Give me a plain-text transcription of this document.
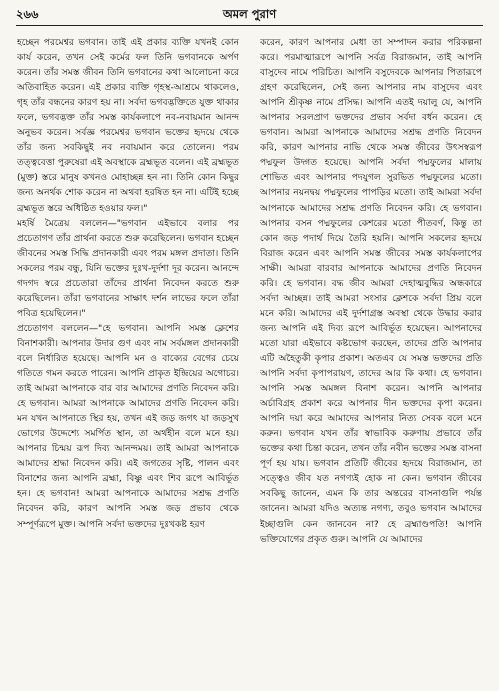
২৬৬	অমল পুরাণ

হচ্ছেন পরমেশ্বর ভগবান। তাই এই প্রকার ব্যক্তি যখনই কোন কার্য করেন, তখন সেই কর্মের ফল তিনি ভগবানকে অর্পণ করেন। তাঁর সমস্ত জীবন তিনি ভগবানের কথা আলোচনা করে অতিবাহিত করেন। এই প্রকার ব্যক্তি গৃহস্থ-আশ্রমে থাকলেও, গৃহ তাঁর বন্ধনের কারণ হয় না। সর্বদা ভগবদ্ভক্তিতে যুক্ত থাকার ফলে, ভগবদ্ভক্ত তাঁর সমস্ত কার্যকলাপে নব-নবায়মান আনন্দ অনুভব করেন। সর্বজ্ঞ পরমেশ্বর ভগবান ভক্তের হৃদয়ে থেকে তাঁর জন্য সবকিছুই নব নবায়মান করে তোলেন। পরম তত্ত্ববেত্তা পুরুষেরা এই অবস্থাকে ব্রহ্মভূত বলেন। এই ব্রহ্মভূত (মুক্ত) স্তরে মানুষ কখনও মোহাচ্ছন্ন হন না। তিনি কোন কিছুর জন্য অনর্থক শোক করেন না অথবা হরষিত হন না। এটিই হচ্ছে ব্রহ্মভূত স্তরে অধিষ্ঠিত হওয়ার ফল।"

মহর্ষি মৈত্রেয় বললেন—"ভগবান এইভাবে বলার পর প্রচেতাগণ তাঁর প্রার্থনা করতে শুরু করেছিলেন। ভগবান হচ্ছেন জীবনের সমস্ত সিদ্ধি প্রদানকারী এবং পরম মঙ্গল প্রদাতা। তিনি সকলের পরম বন্ধু, যিনি ভক্তের দুঃখ-দুর্দশা দূর করেন। আনন্দে গদগদ স্বরে প্রচেতারা তাঁদের প্রার্থনা নিবেদন করতে শুরু করেছিলেন। তাঁরা ভগবানের সাক্ষাৎ দর্শন লাভের ফলে তাঁরা পবিত্র হয়েছিলেন।"

প্রচেতাগণ বললেন—"হে ভগবান। আপনি সমস্ত ক্লেশের বিনাশকারী। আপনার উদার গুণ এবং নাম সর্বমঙ্গল প্রদানকারী বলে নির্ধারিত হয়েছে। আপনি মন ও বাক্যের বেগের চেয়ে গতিতে গমন করতে পারেন। আপনি প্রাকৃত ইন্দ্রিয়ের অগোচর। তাই আমরা আপনাকে বার বার আমাদের প্রণতি নিবেদন করি। হে ভগবান। আমরা আপনাকে আমাদের প্রণতি নিবেদন করি। মন যখন আপনাতে স্থির হয়, তখন এই জড় জগৎ যা জড়সুখ ভোগের উদ্দেশ্যে সমর্পিত স্থান, তা অর্থহীন বলে মনে হয়। আপনার চিন্ময় রূপ দিব্য আনন্দময়। তাই আমরা আপনাকে আমাদের শ্রদ্ধা নিবেদন করি। এই জগতের সৃষ্টি, পালন এবং বিনাশের জন্য আপনি ব্রহ্মা, বিষ্ণু এবং শিব রূপে আবির্ভূত হন। হে ভগবান! আমরা আপনাকে আমাদের সশ্রদ্ধ প্রণতি নিবেদন করি, কারণ আপনি সমস্ত জড় প্রভাব থেকে সম্পূর্ণরূপে মুক্ত। আপনি সর্বদা ভক্তদের দুঃখকষ্ট হরণ

করেন, কারণ আপনার মেধা তা সম্পাদন করার পরিকল্পনা করে। পরমাত্মারূপে আপনি সর্বত্র বিরাজমান, তাই আপনি বাসুদেব নামে পরিচিত। আপনি বসুদেবকে আপনার পিতারূপে গ্রহণ করেছিলেন, সেই জন্য আপনার নাম বাসুদেব এবং আপনি শ্রীকৃষ্ণ নামে প্রসিদ্ধ। আপনি এতই দয়ালু যে, আপনি আপনার সরলপ্রাণ ভক্তদের প্রভাব সর্বদা বর্ধন করেন। হে ভগবান। আমরা আপনাকে আমাদের সশ্রদ্ধ প্রণতি নিবেদন করি, কারণ আপনার নাভি থেকে সমস্ত জীবের উৎসস্বরূপ পদ্মফুল উদ্গত হয়েছে। আপনি সর্বদা পদ্মফুলের মালায় শোভিত এবং আপনার পদযুগল সুরভিত পদ্মফুলের মতো। আপনার নয়নদ্বয় পদ্মফুলের পাপড়ির মতো। তাই আমরা সর্বদা আপনাকে আমাদের সশ্রদ্ধ প্রণতি নিবেদন করি। হে ভগবান। আপনার বসন পদ্মফুলের কেশরের মতো পীতবর্ণ, কিন্তু তা কোন জড় পদার্থ দিয়ে তৈরি হয়নি। আপনি সকলের হৃদয়ে বিরাজ করেন এবং আপনি সমস্ত জীবের সমস্ত কার্যকলাপের সাক্ষী। আমরা বারবার আপনাকে আমাদের প্রণতি নিবেদন করি। হে ভগবান। বদ্ধ জীব আমরা দেহাত্মবুদ্ধির অন্ধকারে সর্বদা আচ্ছন্ন। তাই আমরা সংসার ক্লেশকে সর্বদা প্রিয় বলে মনে করি। আমাদের এই দুর্দশাগ্রস্ত অবস্থা থেকে উদ্ধার করার জন্য আপনি এই দিব্য রূপে আবির্ভূত হয়েছেন। আপনাদের মতো যারা এইভাবে কষ্টভোগ করছেন, তাদের প্রতি আপনার এটি অহৈতুকী কৃপার প্রকাশ। অতএব যে সমস্ত ভক্তদের প্রতি আপনি সর্বদা কৃপাপরায়ণ, তাদের আর কি কথা। হে ভগবান। আপনি সমস্ত অমঙ্গল বিনাশ করেন। আপনি আপনার অর্চাবিগ্রহ প্রকাশ করে আপনার দীন ভক্তদের কৃপা করেন। আপনি দয়া করে আমাদের আপনার নিত্য সেবক বলে মনে করুন। ভগবান যখন তাঁর স্বাভাবিক করুণায় প্রভাবে তাঁর ভক্তের কথা চিন্তা করেন, তখন তাঁর নবীন ভক্তের সমস্ত বাসনা পূর্ণ হয় যায়। ভগবান প্রতিটি জীবের হৃদয়ে বিরাজমান, তা সত্ত্বেও জীব যত নগণ্যই হোক না কেন। ভগবান জীবের সবকিছু জানেন, এমন কি তার অন্তরের বাসনাগুলি পর্যন্ত জানেন। আমরা যদিও অত্যন্ত নগণ্য, তবুও ভগবান আমাদের ইচ্ছাগুলি কেন জানবেন না? হে ব্রহ্মাণ্ডপতি! আপনি ভক্তিযোগের প্রকৃত গুরু। আপনি যে আমাদের
